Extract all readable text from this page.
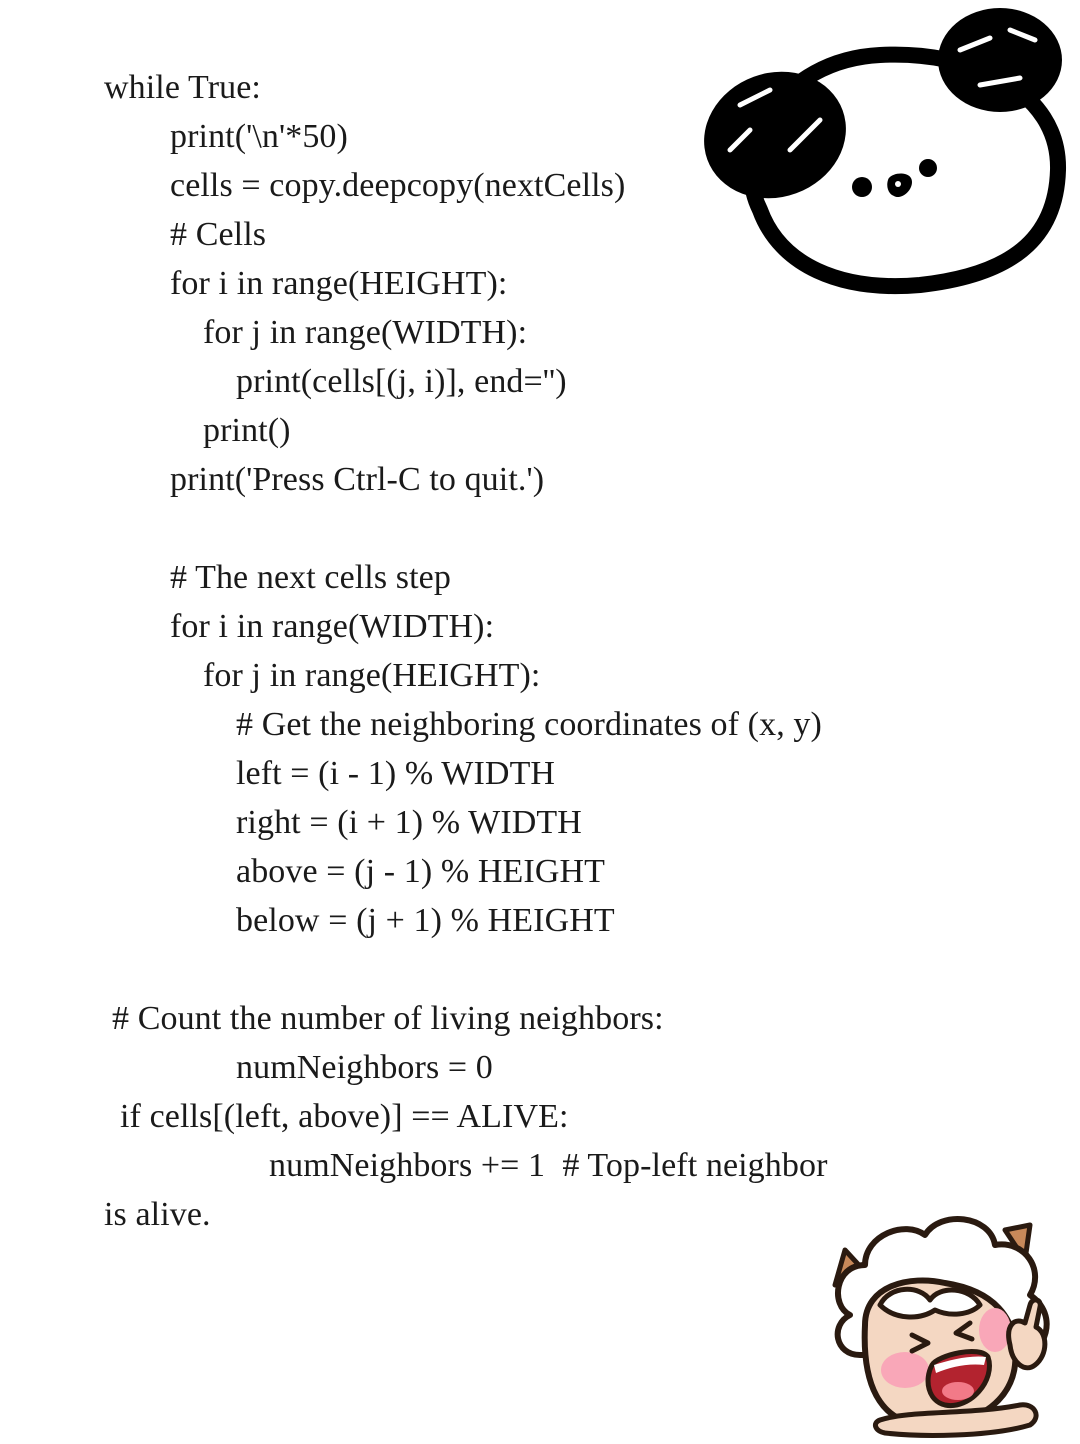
while True:
print('\n'*50)
cells = copy.deepcopy(nextCells)
# Cells
for i in range(HEIGHT):
for j in range(WIDTH):
print(cells[(j, i)], end='')
print()
print('Press Ctrl-C to quit.')
# The next cells step
for i in range(WIDTH):
for j in range(HEIGHT):
# Get the neighboring coordinates of (x, y)
left = (i - 1) % WIDTH
right = (i + 1) % WIDTH
above = (j - 1) % HEIGHT
below = (j + 1) % HEIGHT
# Count the number of living neighbors:
numNeighbors = 0
if cells[(left, above)] == ALIVE:
numNeighbors += 1  # Top-left neighbor
is alive.
